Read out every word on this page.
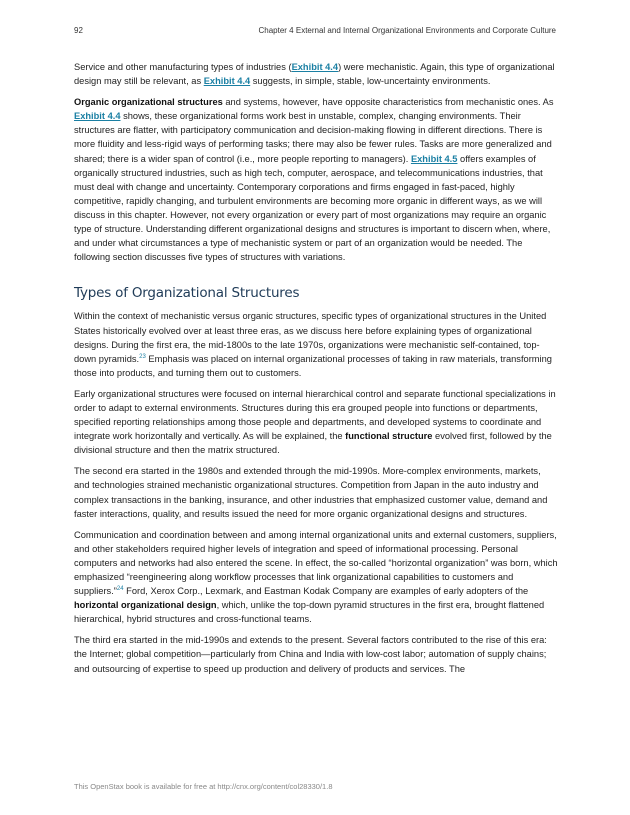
92	Chapter 4 External and Internal Organizational Environments and Corporate Culture

Service and other manufacturing types of industries (Exhibit 4.4) were mechanistic. Again, this type of organizational design may still be relevant, as Exhibit 4.4 suggests, in simple, stable, low-uncertainty environments.

Organic organizational structures and systems, however, have opposite characteristics from mechanistic ones. As Exhibit 4.4 shows, these organizational forms work best in unstable, complex, changing environments. Their structures are flatter, with participatory communication and decision-making flowing in different directions. There is more fluidity and less-rigid ways of performing tasks; there may also be fewer rules. Tasks are more generalized and shared; there is a wider span of control (i.e., more people reporting to managers). Exhibit 4.5 offers examples of organically structured industries, such as high tech, computer, aerospace, and telecommunications industries, that must deal with change and uncertainty. Contemporary corporations and firms engaged in fast-paced, highly competitive, rapidly changing, and turbulent environments are becoming more organic in different ways, as we will discuss in this chapter. However, not every organization or every part of most organizations may require an organic type of structure. Understanding different organizational designs and structures is important to discern when, where, and under what circumstances a type of mechanistic system or part of an organization would be needed. The following section discusses five types of structures with variations.

Types of Organizational Structures

Within the context of mechanistic versus organic structures, specific types of organizational structures in the United States historically evolved over at least three eras, as we discuss here before explaining types of organizational designs. During the first era, the mid-1800s to the late 1970s, organizations were mechanistic self-contained, top-down pyramids.$^{23}$ Emphasis was placed on internal organizational processes of taking in raw materials, transforming those into products, and turning them out to customers.

Early organizational structures were focused on internal hierarchical control and separate functional specializations in order to adapt to external environments. Structures during this era grouped people into functions or departments, specified reporting relationships among those people and departments, and developed systems to coordinate and integrate work horizontally and vertically. As will be explained, the functional structure evolved first, followed by the divisional structure and then the matrix structured.

The second era started in the 1980s and extended through the mid-1990s. More-complex environments, markets, and technologies strained mechanistic organizational structures. Competition from Japan in the auto industry and complex transactions in the banking, insurance, and other industries that emphasized customer value, demand and faster interactions, quality, and results issued the need for more organic organizational designs and structures.

Communication and coordination between and among internal organizational units and external customers, suppliers, and other stakeholders required higher levels of integration and speed of informational processing. Personal computers and networks had also entered the scene. In effect, the so-called “horizontal organization” was born, which emphasized “reengineering along workflow processes that link organizational capabilities to customers and suppliers.”$^{24}$ Ford, Xerox Corp., Lexmark, and Eastman Kodak Company are examples of early adopters of the horizontal organizational design, which, unlike the top-down pyramid structures in the first era, brought flattened hierarchical, hybrid structures and cross-functional teams.

The third era started in the mid-1990s and extends to the present. Several factors contributed to the rise of this era: the Internet; global competition—particularly from China and India with low-cost labor; automation of supply chains; and outsourcing of expertise to speed up production and delivery of products and services. The

This OpenStax book is available for free at http://cnx.org/content/col28330/1.8
